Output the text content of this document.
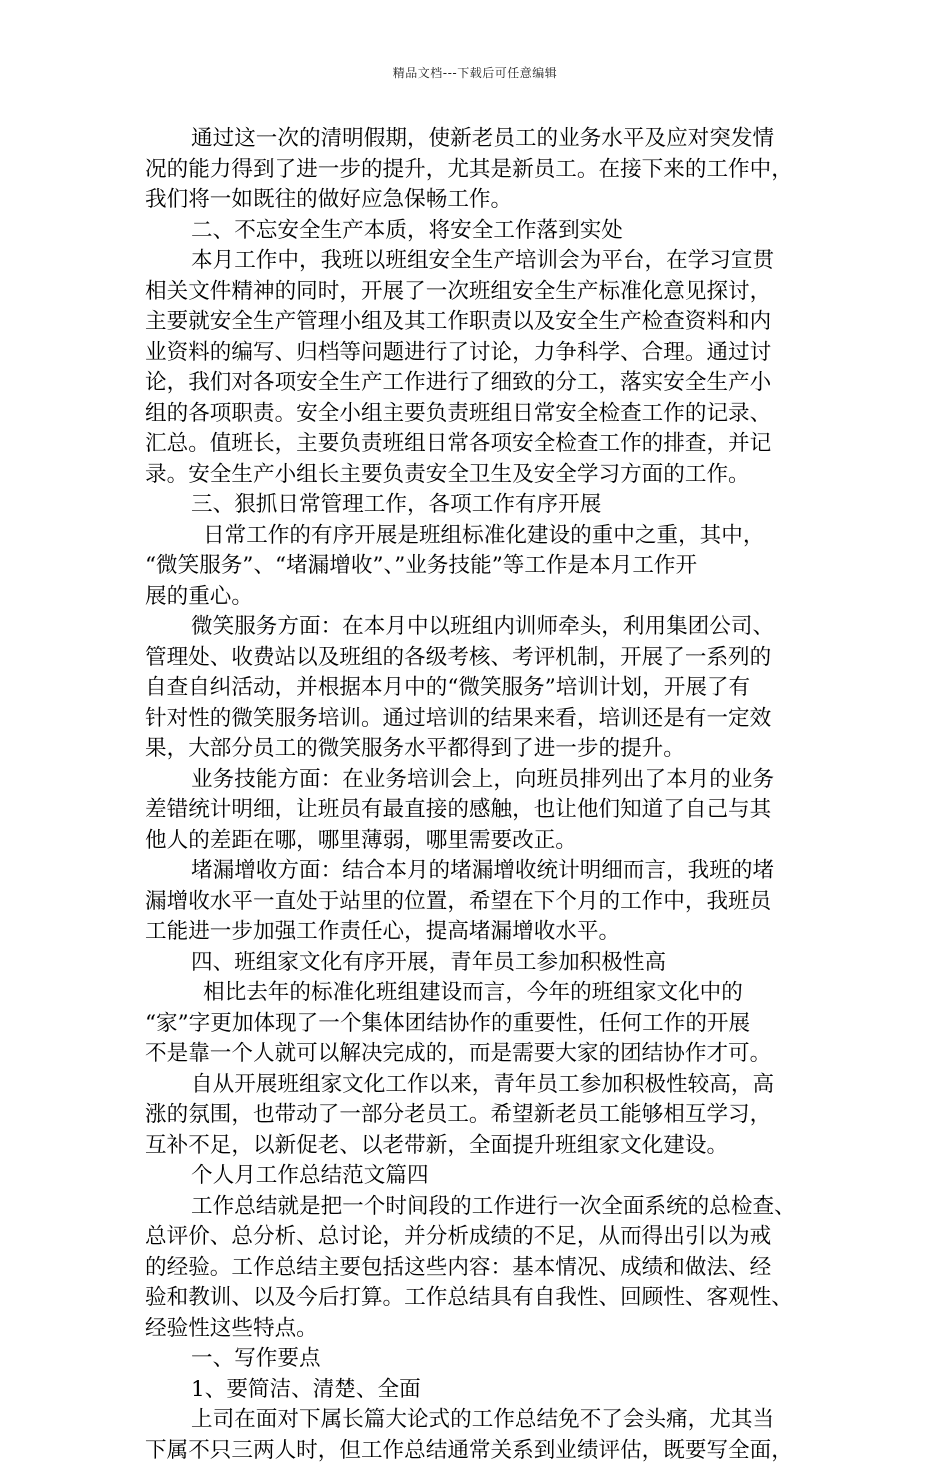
精品文档---下载后可任意编辑

通过这一次的清明假期，使新老员工的业务水平及应对突发情

况的能力得到了进一步的提升，尤其是新员工。在接下来的工作中，

我们将一如既往的做好应急保畅工作。

二、不忘安全生产本质，将安全工作落到实处

本月工作中，我班以班组安全生产培训会为平台，在学习宣贯

相关文件精神的同时，开展了一次班组安全生产标准化意见探讨，

主要就安全生产管理小组及其工作职责以及安全生产检查资料和内

业资料的编写、归档等问题进行了讨论，力争科学、合理。通过讨

论，我们对各项安全生产工作进行了细致的分工，落实安全生产小

组的各项职责。安全小组主要负责班组日常安全检查工作的记录、

汇总。值班长，主要负责班组日常各项安全检查工作的排查，并记

录。安全生产小组长主要负责安全卫生及安全学习方面的工作。

三、狠抓日常管理工作，各项工作有序开展

日常工作的有序开展是班组标准化建设的重中之重，其中，

“微笑服务”、“堵漏增收”、”业务技能”等工作是本月工作开

展的重心。

微笑服务方面：在本月中以班组内训师牵头，利用集团公司、

管理处、收费站以及班组的各级考核、考评机制，开展了一系列的

自查自纠活动，并根据本月中的“微笑服务”培训计划，开展了有

针对性的微笑服务培训。通过培训的结果来看，培训还是有一定效

果，大部分员工的微笑服务水平都得到了进一步的提升。

业务技能方面：在业务培训会上，向班员排列出了本月的业务

差错统计明细，让班员有最直接的感触，也让他们知道了自己与其

他人的差距在哪，哪里薄弱，哪里需要改正。

堵漏增收方面：结合本月的堵漏增收统计明细而言，我班的堵

漏增收水平一直处于站里的位置，希望在下个月的工作中，我班员

工能进一步加强工作责任心，提高堵漏增收水平。

四、班组家文化有序开展，青年员工参加积极性高

相比去年的标准化班组建设而言，今年的班组家文化中的

“家”字更加体现了一个集体团结协作的重要性，任何工作的开展

不是靠一个人就可以解决完成的，而是需要大家的团结协作才可。

自从开展班组家文化工作以来，青年员工参加积极性较高，高

涨的氛围，也带动了一部分老员工。希望新老员工能够相互学习，

互补不足，以新促老、以老带新，全面提升班组家文化建设。

个人月工作总结范文篇四

工作总结就是把一个时间段的工作进行一次全面系统的总检查、

总评价、总分析、总讨论，并分析成绩的不足，从而得出引以为戒

的经验。工作总结主要包括这些内容：基本情况、成绩和做法、经

验和教训、以及今后打算。工作总结具有自我性、回顾性、客观性、

经验性这些特点。

一、写作要点

1、要简洁、清楚、全面

上司在面对下属长篇大论式的工作总结免不了会头痛，尤其当

下属不只三两人时，但工作总结通常关系到业绩评估，既要写全面，
